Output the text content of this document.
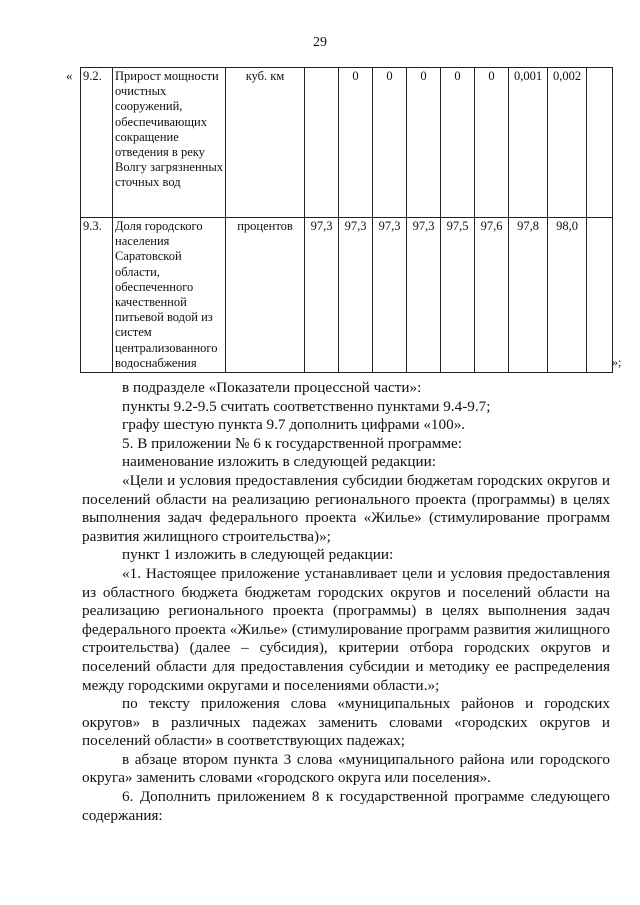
29
« 9.2.	Прирост мощности очистных сооружений, обеспечивающих сокращение отведения в реку Волгу загрязненных сточных вод	куб. км		0	0	0	0	0	0,001	0,002	
9.3.	Доля городского населения Саратовской области, обеспеченного качественной питьевой водой из систем централизованного водоснабжения	процентов	97,3	97,3	97,3	97,3	97,5	97,6	97,8	98,0	
»;

в подразделе «Показатели процессной части»:

пункты 9.2-9.5 считать соответственно пунктами 9.4-9.7;

графу шестую пункта 9.7 дополнить цифрами «100».

5. В приложении № 6 к государственной программе:

наименование изложить в следующей редакции:

«Цели и условия предоставления субсидии бюджетам городских округов и поселений области на реализацию регионального проекта (программы) в целях выполнения задач федерального проекта «Жилье» (стимулирование программ развития жилищного строительства)»;

пункт 1 изложить в следующей редакции:

«1. Настоящее приложение устанавливает цели и условия предоставления из областного бюджета бюджетам городских округов и поселений области на реализацию регионального проекта (программы) в целях выполнения задач федерального проекта «Жилье» (стимулирование программ развития жилищного строительства) (далее – субсидия), критерии отбора городских округов и поселений области для предоставления субсидии и методику ее распределения между городскими округами и поселениями области.»;

по тексту приложения слова «муниципальных районов и городских округов» в различных падежах заменить словами «городских округов и поселений области» в соответствующих падежах;

в абзаце втором пункта 3 слова «муниципального района или городского округа» заменить словами «городского округа или поселения».

6. Дополнить приложением 8 к государственной программе следующего содержания:
